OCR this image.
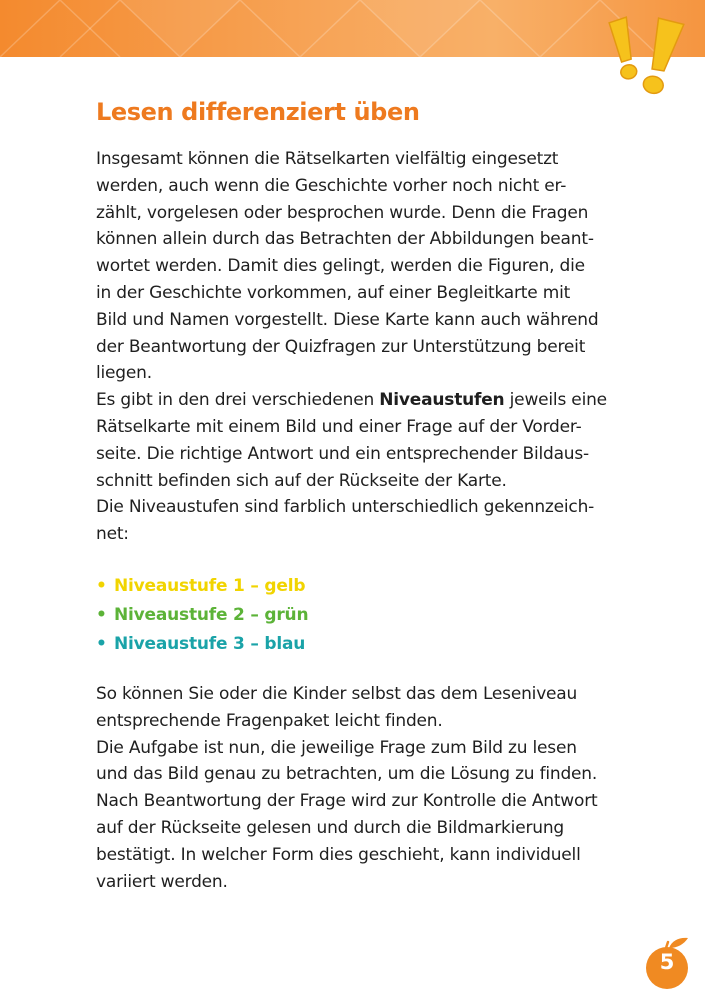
Lesen differenziert üben

Insgesamt können die Rätselkarten vielfältig eingesetzt

werden, auch wenn die Geschichte vorher noch nicht er-

zählt, vorgelesen oder besprochen wurde. Denn die Fragen

können allein durch das Betrachten der Abbildungen beant-

wortet werden. Damit dies gelingt, werden die Figuren, die

in der Geschichte vorkommen, auf einer Begleitkarte mit

Bild und Namen vorgestellt. Diese Karte kann auch während

der Beantwortung der Quizfragen zur Unterstützung bereit

liegen.

Es gibt in den drei verschiedenen Niveaustufen jeweils eine

Rätselkarte mit einem Bild und einer Frage auf der Vorder-

seite. Die richtige Antwort und ein entsprechender Bildaus-

schnitt befinden sich auf der Rückseite der Karte.

Die Niveaustufen sind farblich unterschiedlich gekennzeich-

net:

• Niveaustufe 1 – gelb
• Niveaustufe 2 – grün
• Niveaustufe 3 – blau

So können Sie oder die Kinder selbst das dem Leseniveau

entsprechende Fragenpaket leicht finden.

Die Aufgabe ist nun, die jeweilige Frage zum Bild zu lesen

und das Bild genau zu betrachten, um die Lösung zu finden.

Nach Beantwortung der Frage wird zur Kontrolle die Antwort

auf der Rückseite gelesen und durch die Bildmarkierung

bestätigt. In welcher Form dies geschieht, kann individuell

variiert werden.

5
